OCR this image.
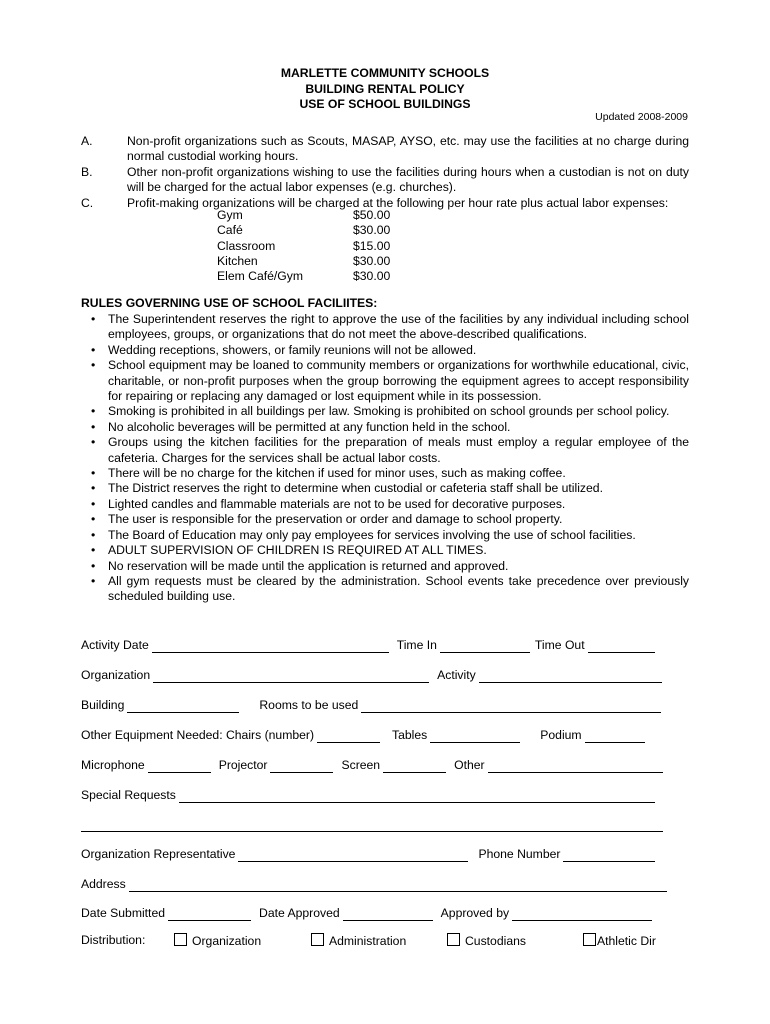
MARLETTE COMMUNITY SCHOOLS
BUILDING RENTAL POLICY
USE OF SCHOOL BUILDINGS
Updated 2008-2009
A.	Non-profit organizations such as Scouts, MASAP, AYSO, etc. may use the facilities at no charge during normal custodial working hours.
B.	Other non-profit organizations wishing to use the facilities during hours when a custodian is not on duty will be charged for the actual labor expenses (e.g. churches).
C.	Profit-making organizations will be charged at the following per hour rate plus actual labor expenses:
Gym	$50.00
Café	$30.00
Classroom	$15.00
Kitchen	$30.00
Elem Café/Gym	$30.00
RULES GOVERNING USE OF SCHOOL FACILIITES:
• The Superintendent reserves the right to approve the use of the facilities by any individual including school employees, groups, or organizations that do not meet the above-described qualifications.
• Wedding receptions, showers, or family reunions will not be allowed.
• School equipment may be loaned to community members or organizations for worthwhile educational, civic, charitable, or non-profit purposes when the group borrowing the equipment agrees to accept responsibility for repairing or replacing any damaged or lost equipment while in its possession.
• Smoking is prohibited in all buildings per law. Smoking is prohibited on school grounds per school policy.
• No alcoholic beverages will be permitted at any function held in the school.
• Groups using the kitchen facilities for the preparation of meals must employ a regular employee of the cafeteria. Charges for the services shall be actual labor costs.
• There will be no charge for the kitchen if used for minor uses, such as making coffee.
• The District reserves the right to determine when custodial or cafeteria staff shall be utilized.
• Lighted candles and flammable materials are not to be used for decorative purposes.
• The user is responsible for the preservation or order and damage to school property.
• The Board of Education may only pay employees for services involving the use of school facilities.
• ADULT SUPERVISION OF CHILDREN IS REQUIRED AT ALL TIMES.
• No reservation will be made until the application is returned and approved.
• All gym requests must be cleared by the administration. School events take precedence over previously scheduled building use.
Activity Date	Time In	Time Out
Organization	Activity
Building	Rooms to be used
Other Equipment Needed: Chairs (number)	Tables	Podium
Microphone	Projector	Screen	Other
Special Requests
Organization Representative	Phone Number
Address
Date Submitted	Date Approved	Approved by
Distribution:	Organization	Administration	Custodians	Athletic Dir
